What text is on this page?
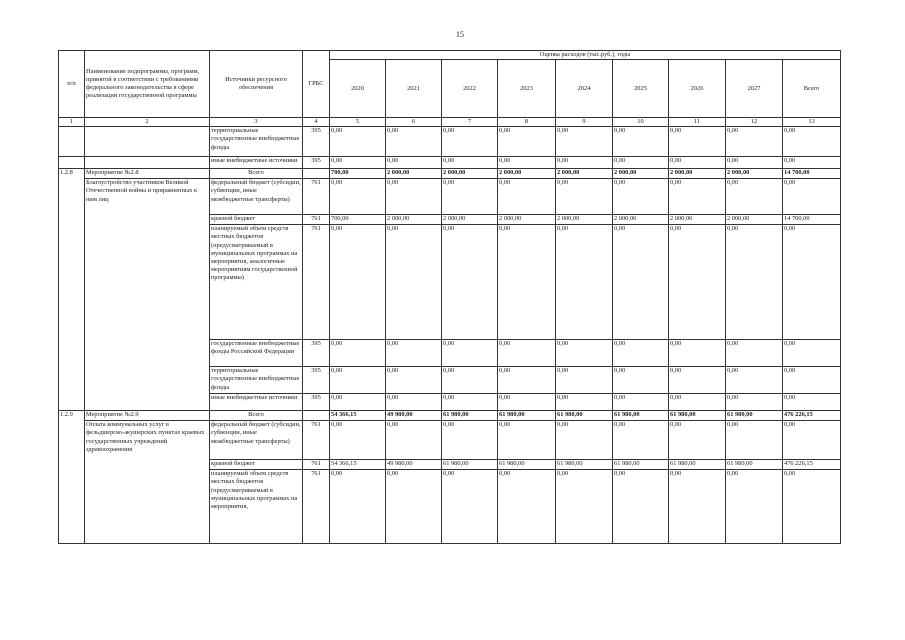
15
п/п	Наименование подпрограммы, программ, принятой в соответствии с требованиями федерального законодательства в сфере реализации государственной программы	Источники ресурсного обеспечения	ГРБС	Оценка расходов (тыс.руб.), годы								
				2020	2021	2022	2023	2024	2025	2026	2027	Всего
1	2	3	4	5	6	7	8	9	10	11	12	13
		территориальные государственные внебюджетные фонды	395	0,00	0,00	0,00	0,00	0,00	0,00	0,00	0,00	0,00
		иные внебюджетные источники	395	0,00	0,00	0,00	0,00	0,00	0,00	0,00	0,00	0,00
1.2.8	Мероприятие №2.8	Всего		700,00	2 000,00	2 000,00	2 000,00	2 000,00	2 000,00	2 000,00	2 000,00	14 700,00
	Благоустройство участников Великой Отечественной войны и приравненных к ним лиц	федеральный бюджет (субсидии, субвенции, иные межбюджетные трансферты)	761	0,00	0,00	0,00	0,00	0,00	0,00	0,00	0,00	0,00
		краевой бюджет	761	700,00	2 000,00	2 000,00	2 000,00	2 000,00	2 000,00	2 000,00	2 000,00	14 700,00
		планируемый объем средств местных бюджетов (предусматриваемый в муниципальных программах на мероприятия, аналогичные мероприятиям государственной программы)	761	0,00	0,00	0,00	0,00	0,00	0,00	0,00	0,00	0,00
		государственные внебюджетные фонды Российской Федерации	395	0,00	0,00	0,00	0,00	0,00	0,00	0,00	0,00	0,00
		территориальные государственные внебюджетные фонды	395	0,00	0,00	0,00	0,00	0,00	0,00	0,00	0,00	0,00
		иные внебюджетные источники	395	0,00	0,00	0,00	0,00	0,00	0,00	0,00	0,00	0,00
1.2.9	Мероприятие №2.9	Всего		54 366,15	49 980,00	61 980,00	61 980,00	61 980,00	61 980,00	61 980,00	61 980,00	476 226,15
	Оплата коммунальных услуг в фельдшерско-акушерских пунктах краевых государственных учреждений здравоохранения	федеральный бюджет (субсидии, субвенции, иные межбюджетные трансферты)	761	0,00	0,00	0,00	0,00	0,00	0,00	0,00	0,00	0,00
		краевой бюджет	761	54 366,15	49 980,00	61 980,00	61 980,00	61 980,00	61 980,00	61 980,00	61 980,00	476 226,15
		планируемый объем средств местных бюджетов (предусматриваемый в муниципальных программах на мероприятия,	761	0,00	0,00	0,00	0,00	0,00	0,00	0,00	0,00	0,00
